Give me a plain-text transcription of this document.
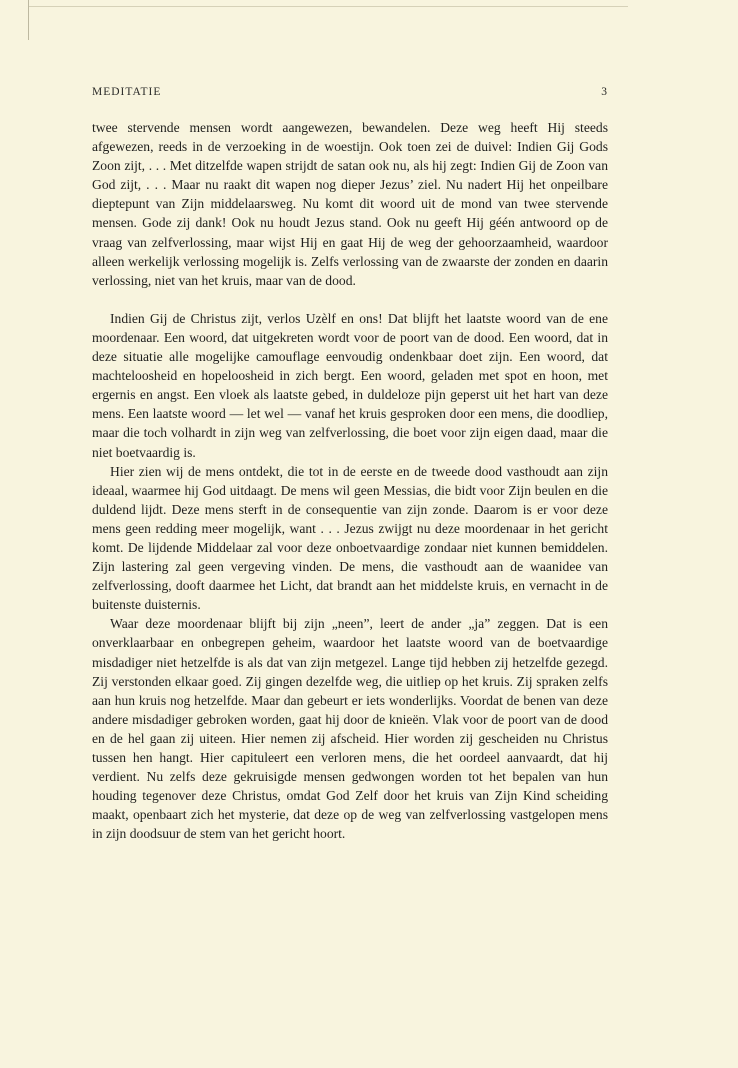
MEDITATIE	3

twee stervende mensen wordt aangewezen, bewandelen. Deze weg heeft Hij steeds afgewezen, reeds in de verzoeking in de woestijn. Ook toen zei de duivel: Indien Gij Gods Zoon zijt, . . . Met ditzelfde wapen strijdt de satan ook nu, als hij zegt: Indien Gij de Zoon van God zijt, . . . Maar nu raakt dit wapen nog dieper Jezus’ ziel. Nu nadert Hij het onpeilbare dieptepunt van Zijn middelaarsweg. Nu komt dit woord uit de mond van twee stervende mensen. Gode zij dank! Ook nu houdt Jezus stand. Ook nu geeft Hij géén antwoord op de vraag van zelfverlossing, maar wijst Hij en gaat Hij de weg der gehoorzaamheid, waardoor alleen werkelijk verlossing mogelijk is. Zelfs verlossing van de zwaarste der zonden en daarin verlossing, niet van het kruis, maar van de dood.

Indien Gij de Christus zijt, verlos Uzèlf en ons! Dat blijft het laatste woord van de ene moordenaar. Een woord, dat uitgekreten wordt voor de poort van de dood. Een woord, dat in deze situatie alle mogelijke camouflage eenvoudig ondenkbaar doet zijn. Een woord, dat machteloosheid en hopeloosheid in zich bergt. Een woord, geladen met spot en hoon, met ergernis en angst. Een vloek als laatste gebed, in duldeloze pijn geperst uit het hart van deze mens. Een laatste woord — let wel — vanaf het kruis gesproken door een mens, die doodliep, maar die toch volhardt in zijn weg van zelfverlossing, die boet voor zijn eigen daad, maar die niet boetvaardig is.

Hier zien wij de mens ontdekt, die tot in de eerste en de tweede dood vasthoudt aan zijn ideaal, waarmee hij God uitdaagt. De mens wil geen Messias, die bidt voor Zijn beulen en die duldend lijdt. Deze mens sterft in de consequentie van zijn zonde. Daarom is er voor deze mens geen redding meer mogelijk, want . . . Jezus zwijgt nu deze moordenaar in het gericht komt. De lijdende Middelaar zal voor deze onboetvaardige zondaar niet kunnen bemiddelen. Zijn lastering zal geen vergeving vinden. De mens, die vasthoudt aan de waanidee van zelfverlossing, dooft daarmee het Licht, dat brandt aan het middelste kruis, en vernacht in de buitenste duisternis.

Waar deze moordenaar blijft bij zijn „neen”, leert de ander „ja” zeggen. Dat is een onverklaarbaar en onbegrepen geheim, waardoor het laatste woord van de boetvaardige misdadiger niet hetzelfde is als dat van zijn metgezel. Lange tijd hebben zij hetzelfde gezegd. Zij verstonden elkaar goed. Zij gingen dezelfde weg, die uitliep op het kruis. Zij spraken zelfs aan hun kruis nog hetzelfde. Maar dan gebeurt er iets wonderlijks. Voordat de benen van deze andere misdadiger gebroken worden, gaat hij door de knieën. Vlak voor de poort van de dood en de hel gaan zij uiteen. Hier nemen zij afscheid. Hier worden zij gescheiden nu Christus tussen hen hangt. Hier capituleert een verloren mens, die het oordeel aanvaardt, dat hij verdient. Nu zelfs deze gekruisigde mensen gedwongen worden tot het bepalen van hun houding tegenover deze Christus, omdat God Zelf door het kruis van Zijn Kind scheiding maakt, openbaart zich het mysterie, dat deze op de weg van zelfverlossing vastgelopen mens in zijn doodsuur de stem van het gericht hoort.
